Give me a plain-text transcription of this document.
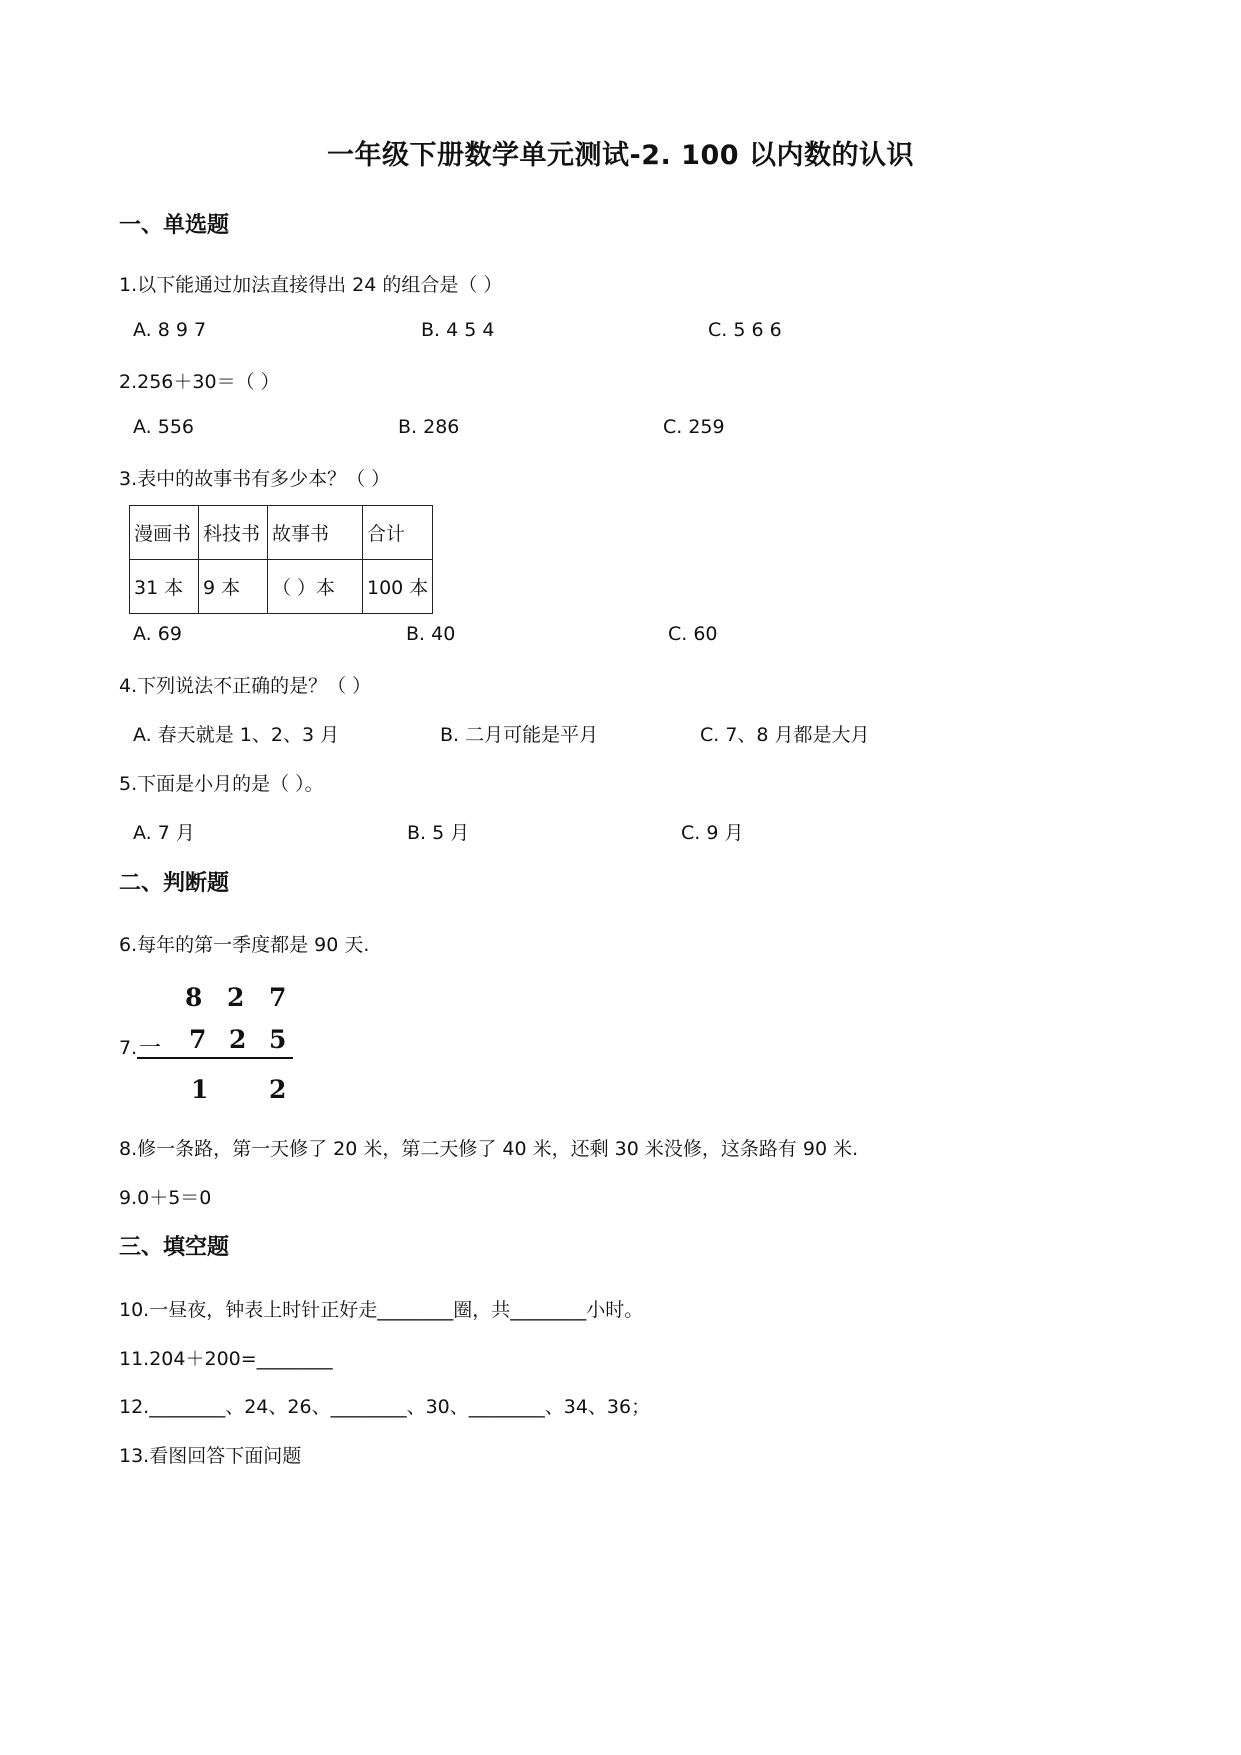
一年级下册数学单元测试-2. 100 以内数的认识
一、单选题
1.以下能通过加法直接得出 24 的组合是（ ）
A. 8 9 7	B. 4 5 4	C. 5 6 6
2.256＋30＝（ ）
A. 556	B. 286	C. 259
3.表中的故事书有多少本？（ ）
漫画书	科技书	故事书	合计
31 本	9 本	（ ）本	100 本
A. 69	B. 40	C. 60
4.下列说法不正确的是？（ ）
A. 春天就是 1、2、3 月	B. 二月可能是平月	C. 7、8 月都是大月
5.下面是小月的是（ ）。
A. 7 月	B. 5 月	C. 9 月
二、判断题
6.每年的第一季度都是 90 天.
8 2 7
7. 一 7 2 5
1 2
8.修一条路，第一天修了 20 米，第二天修了 40 米，还剩 30 米没修，这条路有 90 米.
9.0＋5＝0
三、填空题
10.一昼夜，钟表上时针正好走________圈，共________小时。
11.204＋200=________
12.________、24、26、________、30、________、34、36；
13.看图回答下面问题
